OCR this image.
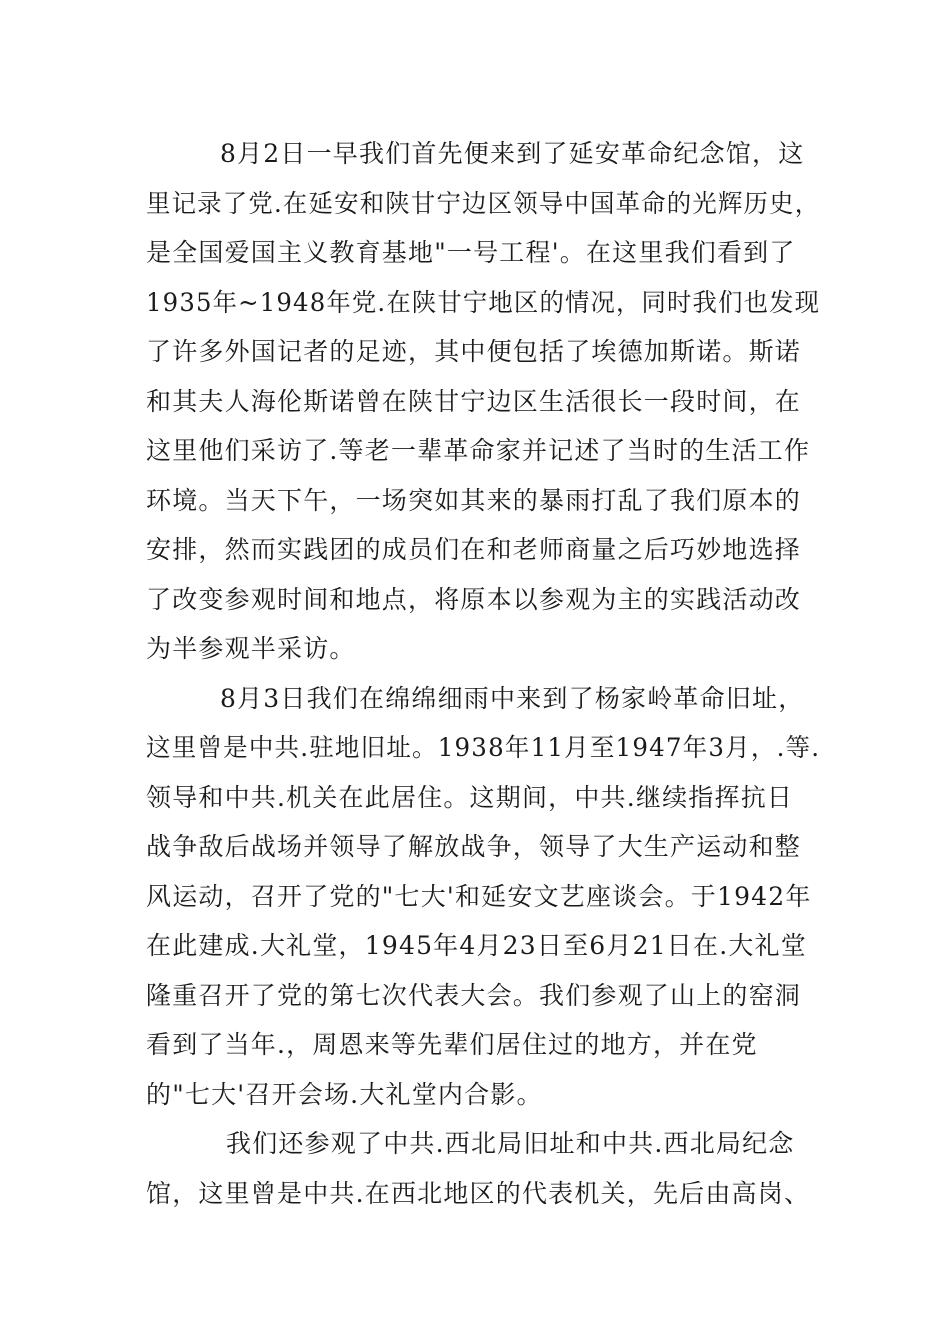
8月2日一早我们首先便来到了延安革命纪念馆，这
里记录了党.在延安和陕甘宁边区领导中国革命的光辉历史，
是全国爱国主义教育基地"一号工程'。在这里我们看到了
1935年~1948年党.在陕甘宁地区的情况，同时我们也发现
了许多外国记者的足迹，其中便包括了埃德加斯诺。斯诺
和其夫人海伦斯诺曾在陕甘宁边区生活很长一段时间，在
这里他们采访了.等老一辈革命家并记述了当时的生活工作
环境。当天下午，一场突如其来的暴雨打乱了我们原本的
安排，然而实践团的成员们在和老师商量之后巧妙地选择
了改变参观时间和地点，将原本以参观为主的实践活动改
为半参观半采访。
8月3日我们在绵绵细雨中来到了杨家岭革命旧址，
这里曾是中共.驻地旧址。1938年11月至1947年3月，.等.
领导和中共.机关在此居住。这期间，中共.继续指挥抗日
战争敌后战场并领导了解放战争，领导了大生产运动和整
风运动，召开了党的"七大'和延安文艺座谈会。于1942年
在此建成.大礼堂，1945年4月23日至6月21日在.大礼堂
隆重召开了党的第七次代表大会。我们参观了山上的窑洞
看到了当年.，周恩来等先辈们居住过的地方，并在党
的"七大'召开会场.大礼堂内合影。
我们还参观了中共.西北局旧址和中共.西北局纪念
馆，这里曾是中共.在西北地区的代表机关，先后由高岗、
